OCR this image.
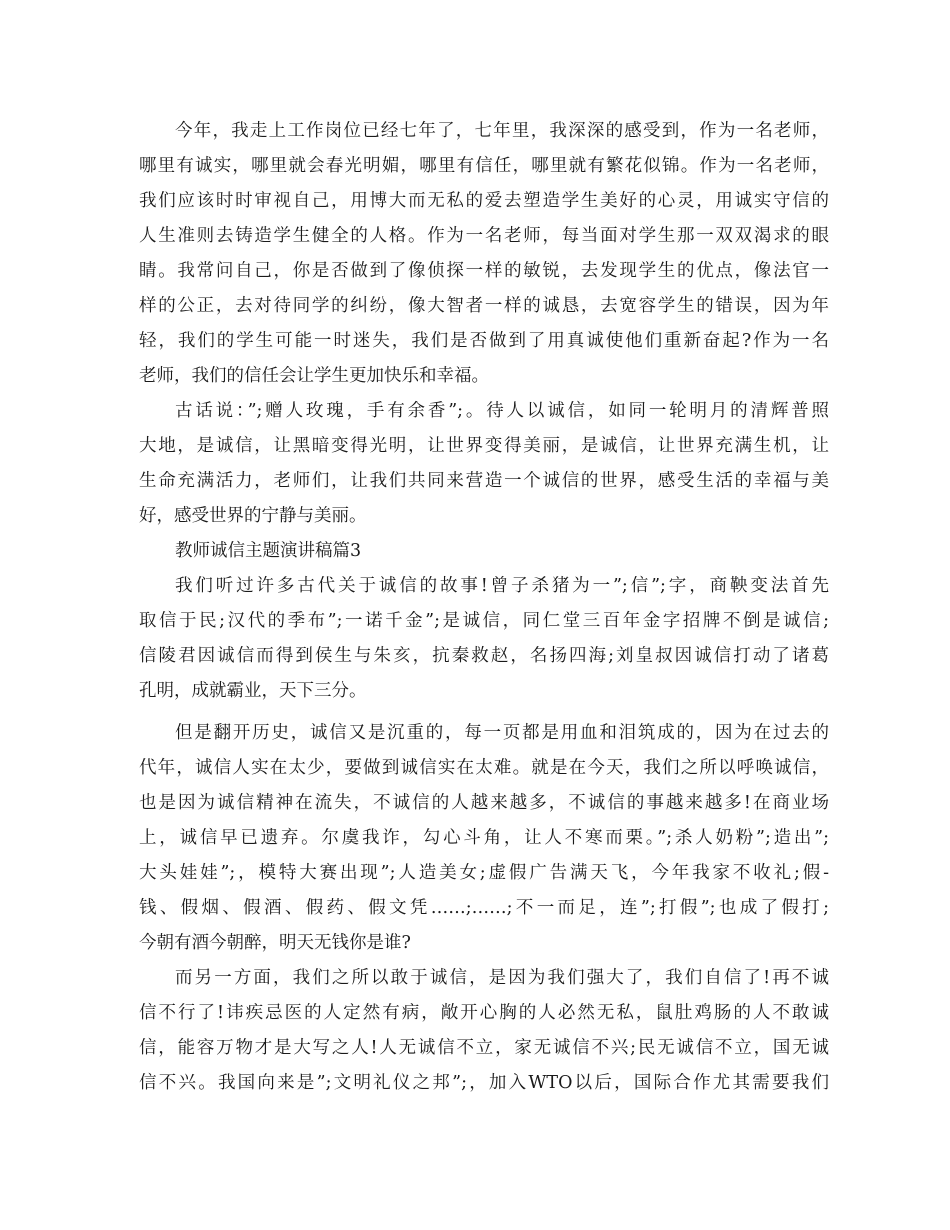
今年，我走上工作岗位已经七年了，七年里，我深深的感受到，作为一名老师，
哪里有诚实，哪里就会春光明媚，哪里有信任，哪里就有繁花似锦。作为一名老师，
我们应该时时审视自己，用博大而无私的爱去塑造学生美好的心灵，用诚实守信的
人生准则去铸造学生健全的人格。作为一名老师，每当面对学生那一双双渴求的眼
睛。我常问自己，你是否做到了像侦探一样的敏锐，去发现学生的优点，像法官一
样的公正，去对待同学的纠纷，像大智者一样的诚恳，去宽容学生的错误，因为年
轻，我们的学生可能一时迷失，我们是否做到了用真诚使他们重新奋起?作为一名
老师，我们的信任会让学生更加快乐和幸福。
古话说：”;赠人玫瑰，手有余香”;。待人以诚信，如同一轮明月的清辉普照
大地，是诚信，让黑暗变得光明，让世界变得美丽，是诚信，让世界充满生机，让
生命充满活力，老师们，让我们共同来营造一个诚信的世界，感受生活的幸福与美
好，感受世界的宁静与美丽。
教师诚信主题演讲稿篇3
我们听过许多古代关于诚信的故事!曾子杀猪为一”;信”;字，商鞅变法首先
取信于民;汉代的季布”;一诺千金”;是诚信，同仁堂三百年金字招牌不倒是诚信;
信陵君因诚信而得到侯生与朱亥，抗秦救赵，名扬四海;刘皇叔因诚信打动了诸葛
孔明，成就霸业，天下三分。
但是翻开历史，诚信又是沉重的，每一页都是用血和泪筑成的，因为在过去的
代年，诚信人实在太少，要做到诚信实在太难。就是在今天，我们之所以呼唤诚信，
也是因为诚信精神在流失，不诚信的人越来越多，不诚信的事越来越多!在商业场
上，诚信早已遗弃。尔虞我诈，勾心斗角，让人不寒而栗。”;杀人奶粉”;造出”;
大头娃娃”;，模特大赛出现”;人造美女;虚假广告满天飞，今年我家不收礼;假-
钱、假烟、假酒、假药、假文凭……;……;不一而足，连”;打假”;也成了假打;
今朝有酒今朝醉，明天无钱你是谁?
而另一方面，我们之所以敢于诚信，是因为我们强大了，我们自信了!再不诚
信不行了!讳疾忌医的人定然有病，敞开心胸的人必然无私，鼠肚鸡肠的人不敢诚
信，能容万物才是大写之人!人无诚信不立，家无诚信不兴;民无诚信不立，国无诚
信不兴。我国向来是”;文明礼仪之邦”;，加入WTO以后，国际合作尤其需要我们
